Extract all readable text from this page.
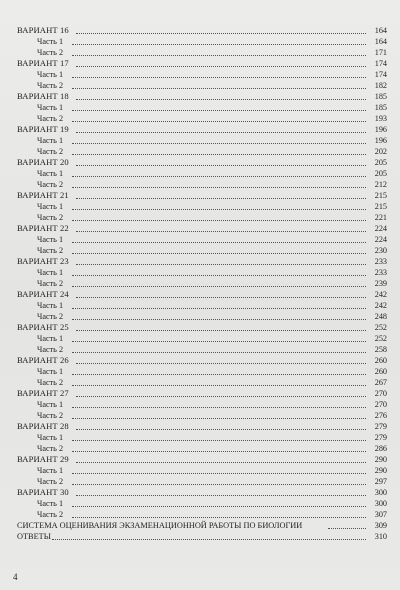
ВАРИАНТ 16	164
Часть 1	164
Часть 2	171
ВАРИАНТ 17	174
Часть 1	174
Часть 2	182
ВАРИАНТ 18	185
Часть 1	185
Часть 2	193
ВАРИАНТ 19	196
Часть 1	196
Часть 2	202
ВАРИАНТ 20	205
Часть 1	205
Часть 2	212
ВАРИАНТ 21	215
Часть 1	215
Часть 2	221
ВАРИАНТ 22	224
Часть 1	224
Часть 2	230
ВАРИАНТ 23	233
Часть 1	233
Часть 2	239
ВАРИАНТ 24	242
Часть 1	242
Часть 2	248
ВАРИАНТ 25	252
Часть 1	252
Часть 2	258
ВАРИАНТ 26	260
Часть 1	260
Часть 2	267
ВАРИАНТ 27	270
Часть 1	270
Часть 2	276
ВАРИАНТ 28	279
Часть 1	279
Часть 2	286
ВАРИАНТ 29	290
Часть 1	290
Часть 2	297
ВАРИАНТ 30	300
Часть 1	300
Часть 2	307
СИСТЕМА ОЦЕНИВАНИЯ ЭКЗАМЕНАЦИОННОЙ РАБОТЫ ПО БИОЛОГИИ	309
ОТВЕТЫ	310
4
